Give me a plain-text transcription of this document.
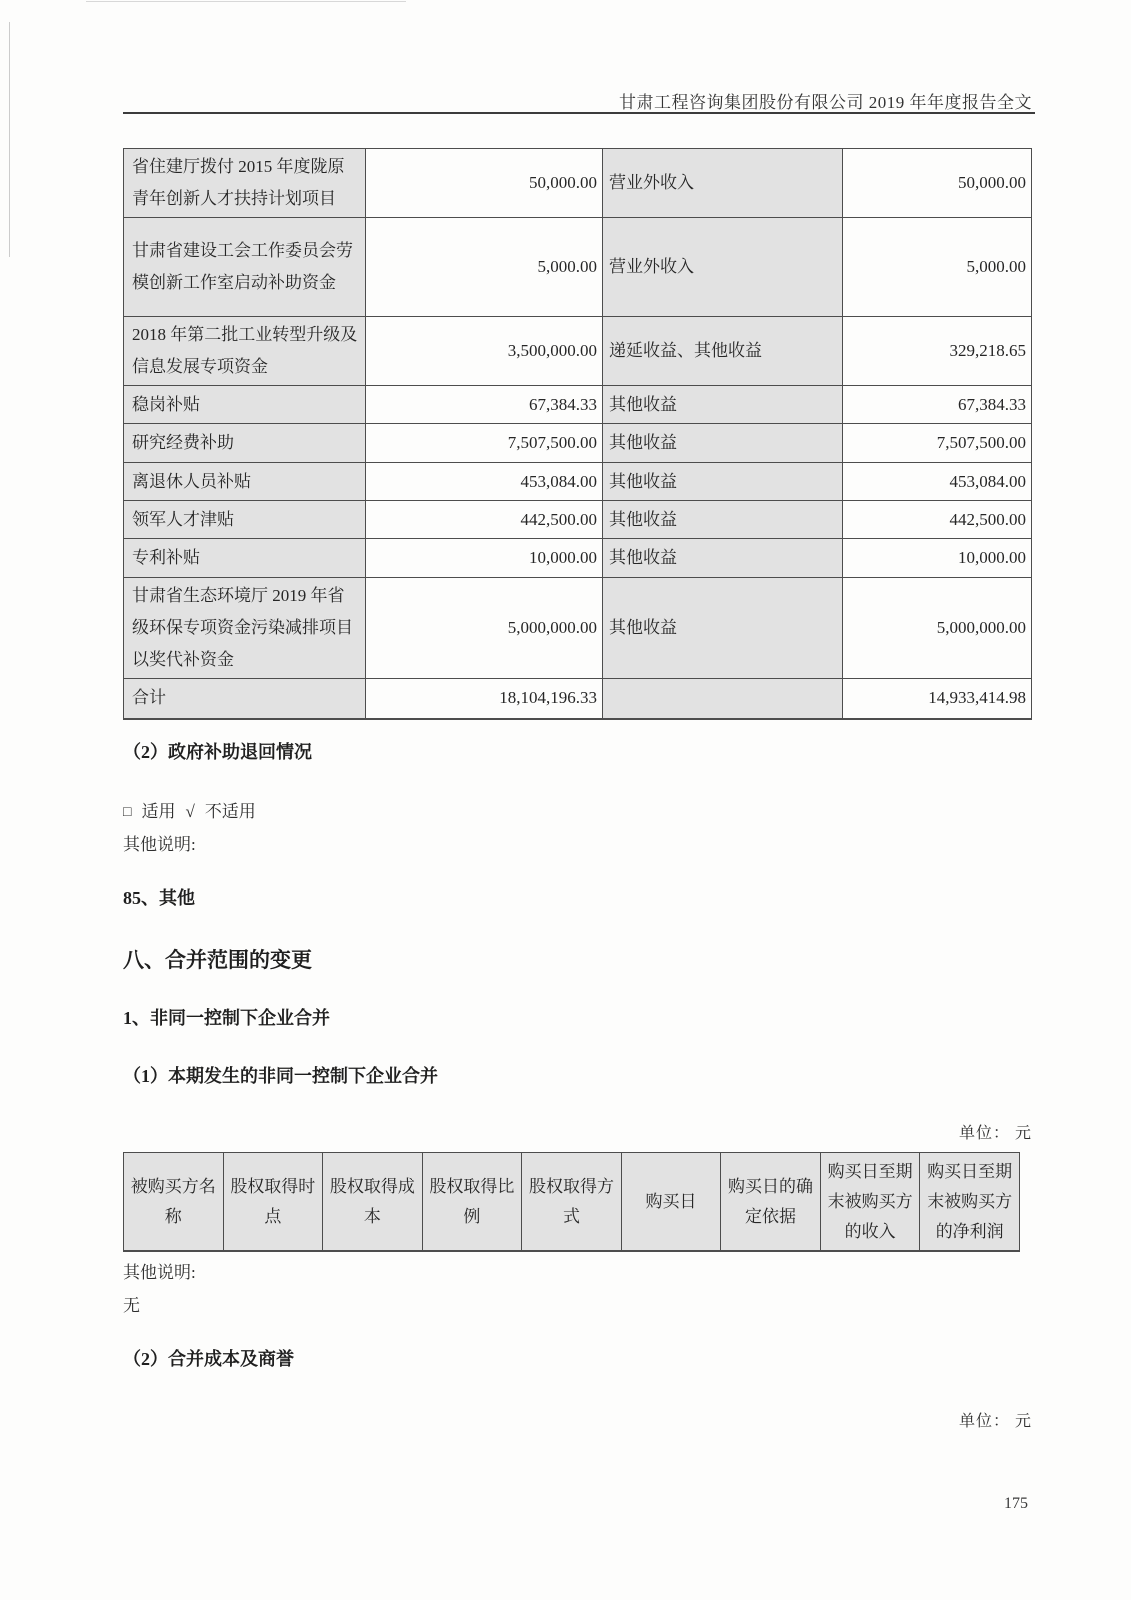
甘肃工程咨询集团股份有限公司 2019 年年度报告全文
省住建厅拨付 2015 年度陇原青年创新人才扶持计划项目	50,000.00	营业外收入	50,000.00
甘肃省建设工会工作委员会劳模创新工作室启动补助资金	5,000.00	营业外收入	5,000.00
2018 年第二批工业转型升级及信息发展专项资金	3,500,000.00	递延收益、其他收益	329,218.65
稳岗补贴	67,384.33	其他收益	67,384.33
研究经费补助	7,507,500.00	其他收益	7,507,500.00
离退休人员补贴	453,084.00	其他收益	453,084.00
领军人才津贴	442,500.00	其他收益	442,500.00
专利补贴	10,000.00	其他收益	10,000.00
甘肃省生态环境厅 2019 年省级环保专项资金污染减排项目以奖代补资金	5,000,000.00	其他收益	5,000,000.00
合计	18,104,196.33		14,933,414.98
（2）政府补助退回情况
□ 适用 √ 不适用
其他说明:
85、其他
八、合并范围的变更
1、非同一控制下企业合并
（1）本期发生的非同一控制下企业合并
单位： 元
被购买方名称	股权取得时点	股权取得成本	股权取得比例	股权取得方式	购买日	购买日的确定依据	购买日至期末被购买方的收入	购买日至期末被购买方的净利润
其他说明:
无
（2）合并成本及商誉
单位： 元
175
